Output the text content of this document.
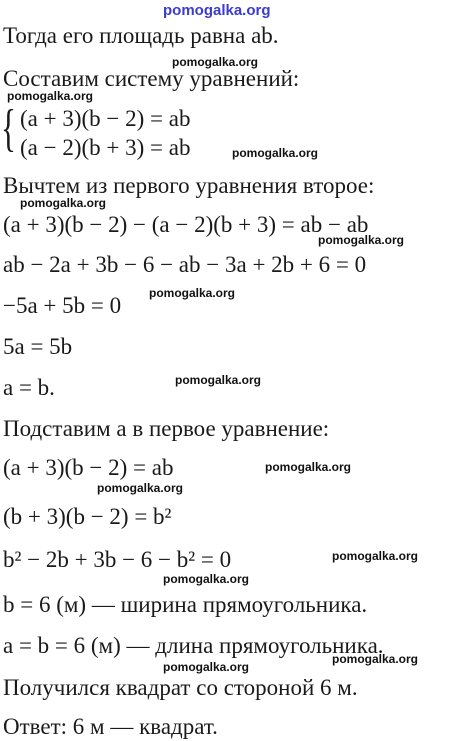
pomogalka.org
Тогда его площадь равна ab.
pomogalka.org
Составим систему уравнений:
pomogalka.org
{ (a + 3)(b − 2) = ab
(a − 2)(b + 3) = ab	pomogalka.org
Вычтем из первого уравнения второе:
pomogalka.org
(a + 3)(b − 2) − (a − 2)(b + 3) = ab − ab
pomogalka.org
ab − 2a + 3b − 6 − ab − 3a + 2b + 6 = 0
pomogalka.org
−5a + 5b = 0
5a = 5b
a = b.	pomogalka.org
Подставим a в первое уравнение:
(a + 3)(b − 2) = ab	pomogalka.org
pomogalka.org
(b + 3)(b − 2) = b²
b² − 2b + 3b − 6 − b² = 0	pomogalka.org
pomogalka.org
b = 6 (м) — ширина прямоугольника.
a = b = 6 (м) — длина прямоугольника.
pomogalka.org
pomogalka.org
Получился квадрат со стороной 6 м.
Ответ: 6 м — квадрат.
